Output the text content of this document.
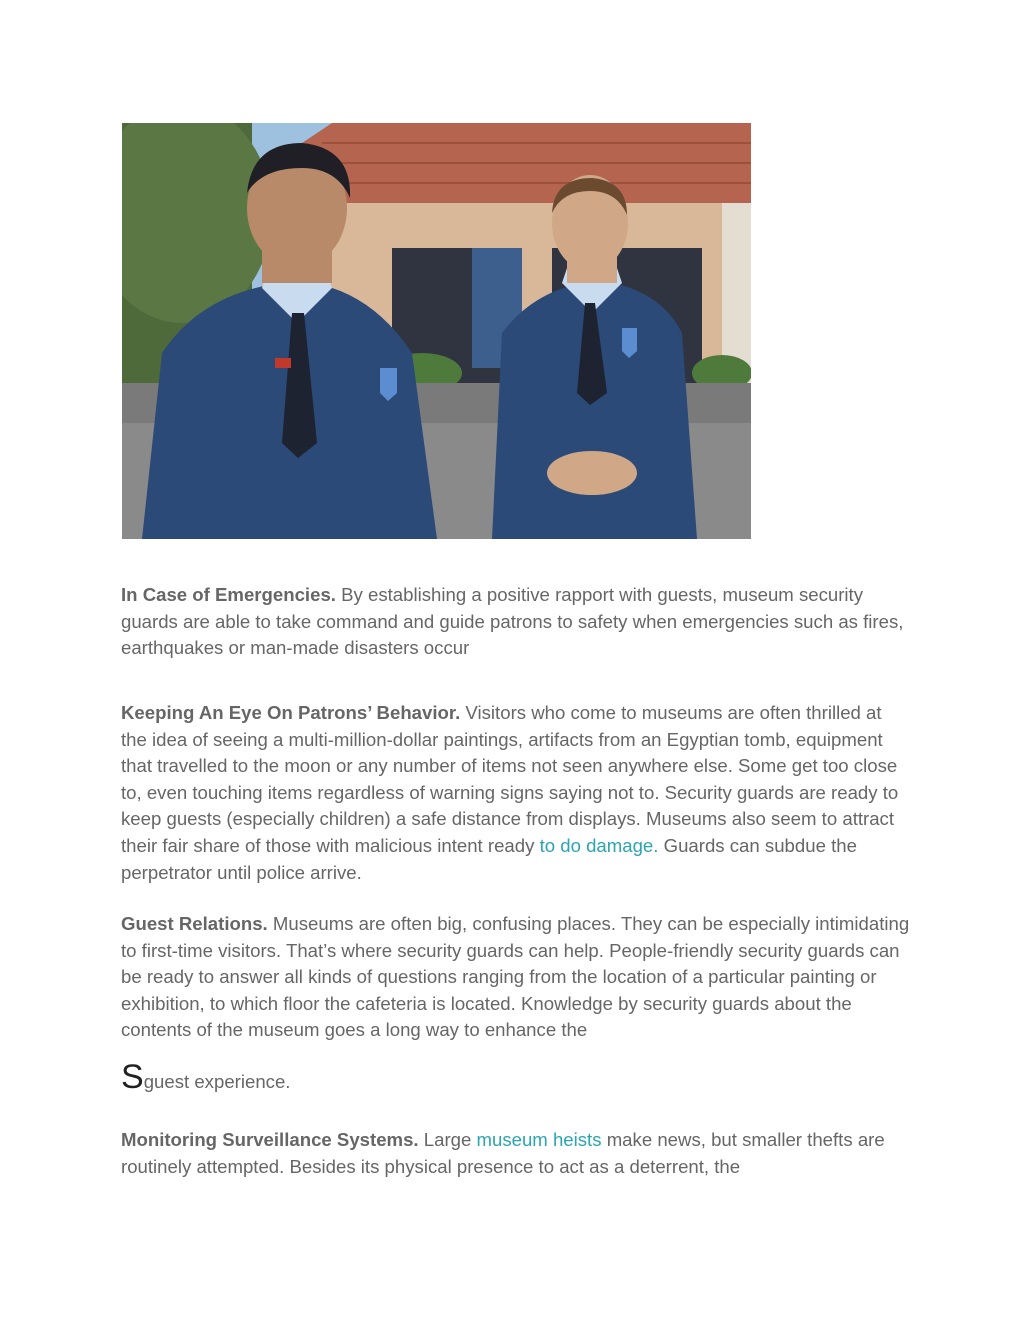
In Case of Emergencies. By establishing a positive rapport with guests, museum security guards are able to take command and guide patrons to safety when emergencies such as fires, earthquakes or man-made disasters occur

Keeping An Eye On Patrons’ Behavior. Visitors who come to museums are often thrilled at the idea of seeing a multi-million-dollar paintings, artifacts from an Egyptian tomb, equipment that travelled to the moon or any number of items not seen anywhere else. Some get too close to, even touching items regardless of warning signs saying not to. Security guards are ready to keep guests (especially children) a safe distance from displays. Museums also seem to attract their fair share of those with malicious intent ready to do damage. Guards can subdue the perpetrator until police arrive.

Guest Relations. Museums are often big, confusing places. They can be especially intimidating to first-time visitors. That’s where security guards can help. People-friendly security guards can be ready to answer all kinds of questions ranging from the location of a particular painting or exhibition, to which floor the cafeteria is located. Knowledge by security guards about the contents of the museum goes a long way to enhance the

Sguest experience.

Monitoring Surveillance Systems. Large museum heists make news, but smaller thefts are routinely attempted. Besides its physical presence to act as a deterrent, the
